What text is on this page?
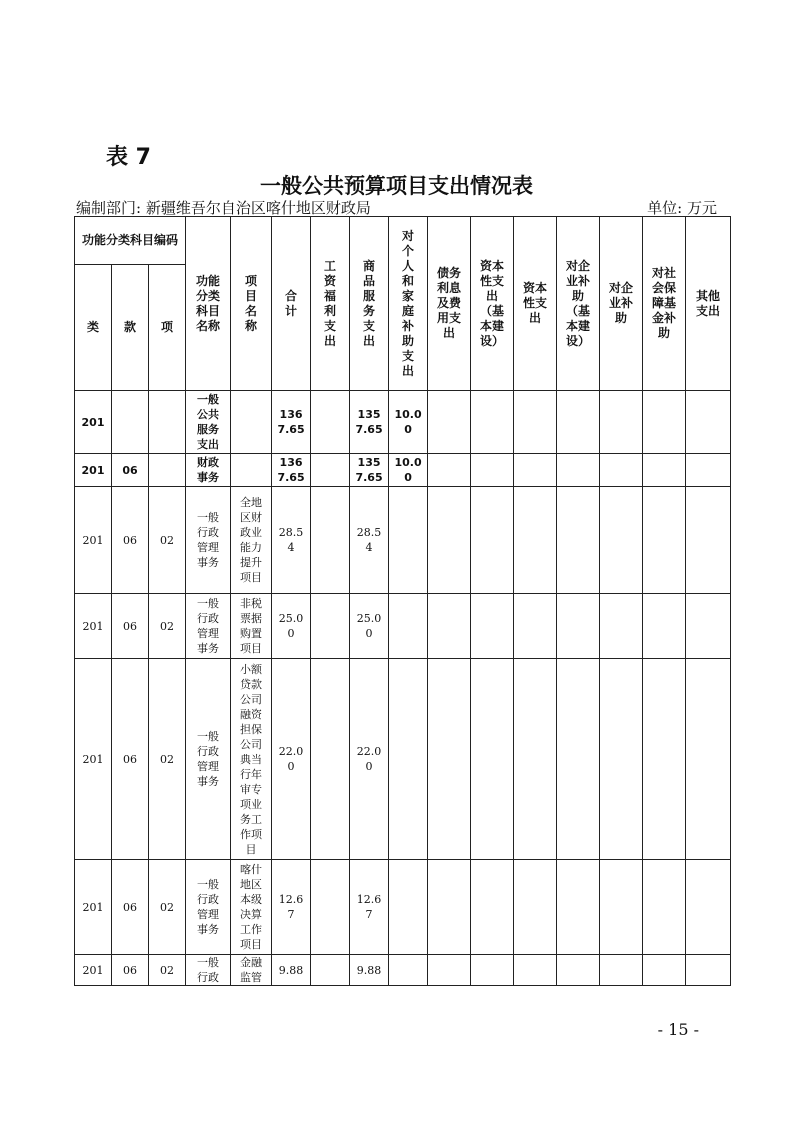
表 7
一般公共预算项目支出情况表
编制部门: 新疆维吾尔自治区喀什地区财政局	单位: 万元
功能分类科目编码			功能分类科目名称	项目名称	合计	工资福利支出	商品服务支出	对个人和家庭补助支出	债务利息及费用支出	资本性支出（基本建设）	资本性支出	对企业补助（基本建设）	对企业补助	对社会保障基金补助	其他支出

类	款	项													
201			一般公共服务支出		1367.65		1357.65	10.00							

201	06		财政事务		1367.65		1357.65	10.00							

201	06	02	一般行政管理事务	全地区财政业能力提升项目	28.54		28.54								

201	06	02	一般行政管理事务	非税票据购置项目	25.00		25.00								

201	06	02	一般行政管理事务	小额贷款公司融资担保公司典当行年审专项业务工作项目	22.00		22.00								

201	06	02	一般行政管理事务	喀什地区本级决算工作项目	12.67		12.67								

201	06	02	一般行政	金融监管	9.88		9.88								

- 15 -
